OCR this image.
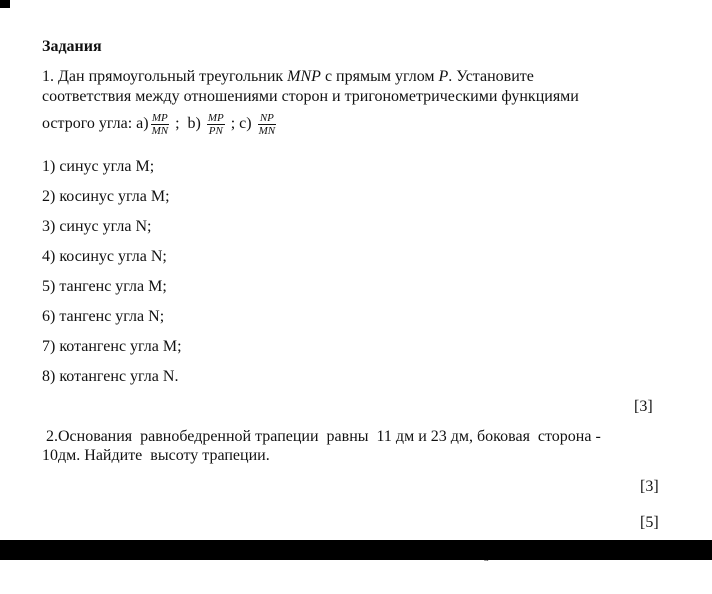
Задания
1. Дан прямоугольный треугольник MNP с прямым углом P. Установите
соответствия между отношениями сторон и тригонометрическими функциями
острого угла: $a) \frac{MP}{MN}$ ;  $b) \frac{MP}{PN}$ ; $c) \frac{NP}{MN}$
1) синус угла M;
2) косинус угла M;
3) синус угла N;
4) косинус угла N;
5) тангенс угла M;
6) тангенс угла N;
7) котангенс угла M;
8) котангенс угла N.
[3]
2.Основания  равнобедренной трапеции  равны  11 дм и 23 дм, боковая  сторона -
10дм. Найдите  высоту трапеции.
[3]

[5]
